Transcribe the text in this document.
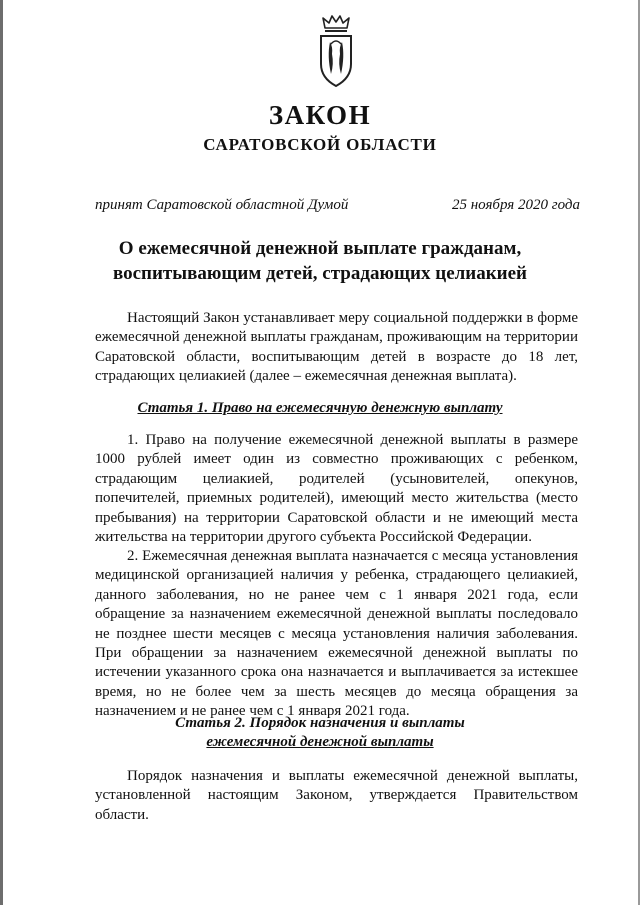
ЗАКОН
САРАТОВСКОЙ ОБЛАСТИ
принят Саратовской областной Думой	25 ноября 2020 года
О ежемесячной денежной выплате гражданам,
воспитывающим детей, страдающих целиакией

Настоящий Закон устанавливает меру социальной поддержки в форме ежемесячной денежной выплаты гражданам, проживающим на территории Саратовской области, воспитывающим детей в возрасте до 18 лет, страдающих целиакией (далее – ежемесячная денежная выплата).

Статья 1. Право на ежемесячную денежную выплату

1. Право на получение ежемесячной денежной выплаты в размере 1000 рублей имеет один из совместно проживающих с ребенком, страдающим целиакией, родителей (усыновителей, опекунов, попечителей, приемных родителей), имеющий место жительства (место пребывания) на территории Саратовской области и не имеющий места жительства на территории другого субъекта Российской Федерации.

2. Ежемесячная денежная выплата назначается с месяца установления медицинской организацией наличия у ребенка, страдающего целиакией, данного заболевания, но не ранее чем с 1 января 2021 года, если обращение за назначением ежемесячной денежной выплаты последовало не позднее шести месяцев с месяца установления наличия заболевания. При обращении за назначением ежемесячной денежной выплаты по истечении указанного срока она назначается и выплачивается за истекшее время, но не более чем за шесть месяцев до месяца обращения за назначением и не ранее чем с 1 января 2021 года.

Статья 2. Порядок назначения и выплаты
ежемесячной денежной выплаты

Порядок назначения и выплаты ежемесячной денежной выплаты, установленной настоящим Законом, утверждается Правительством области.
